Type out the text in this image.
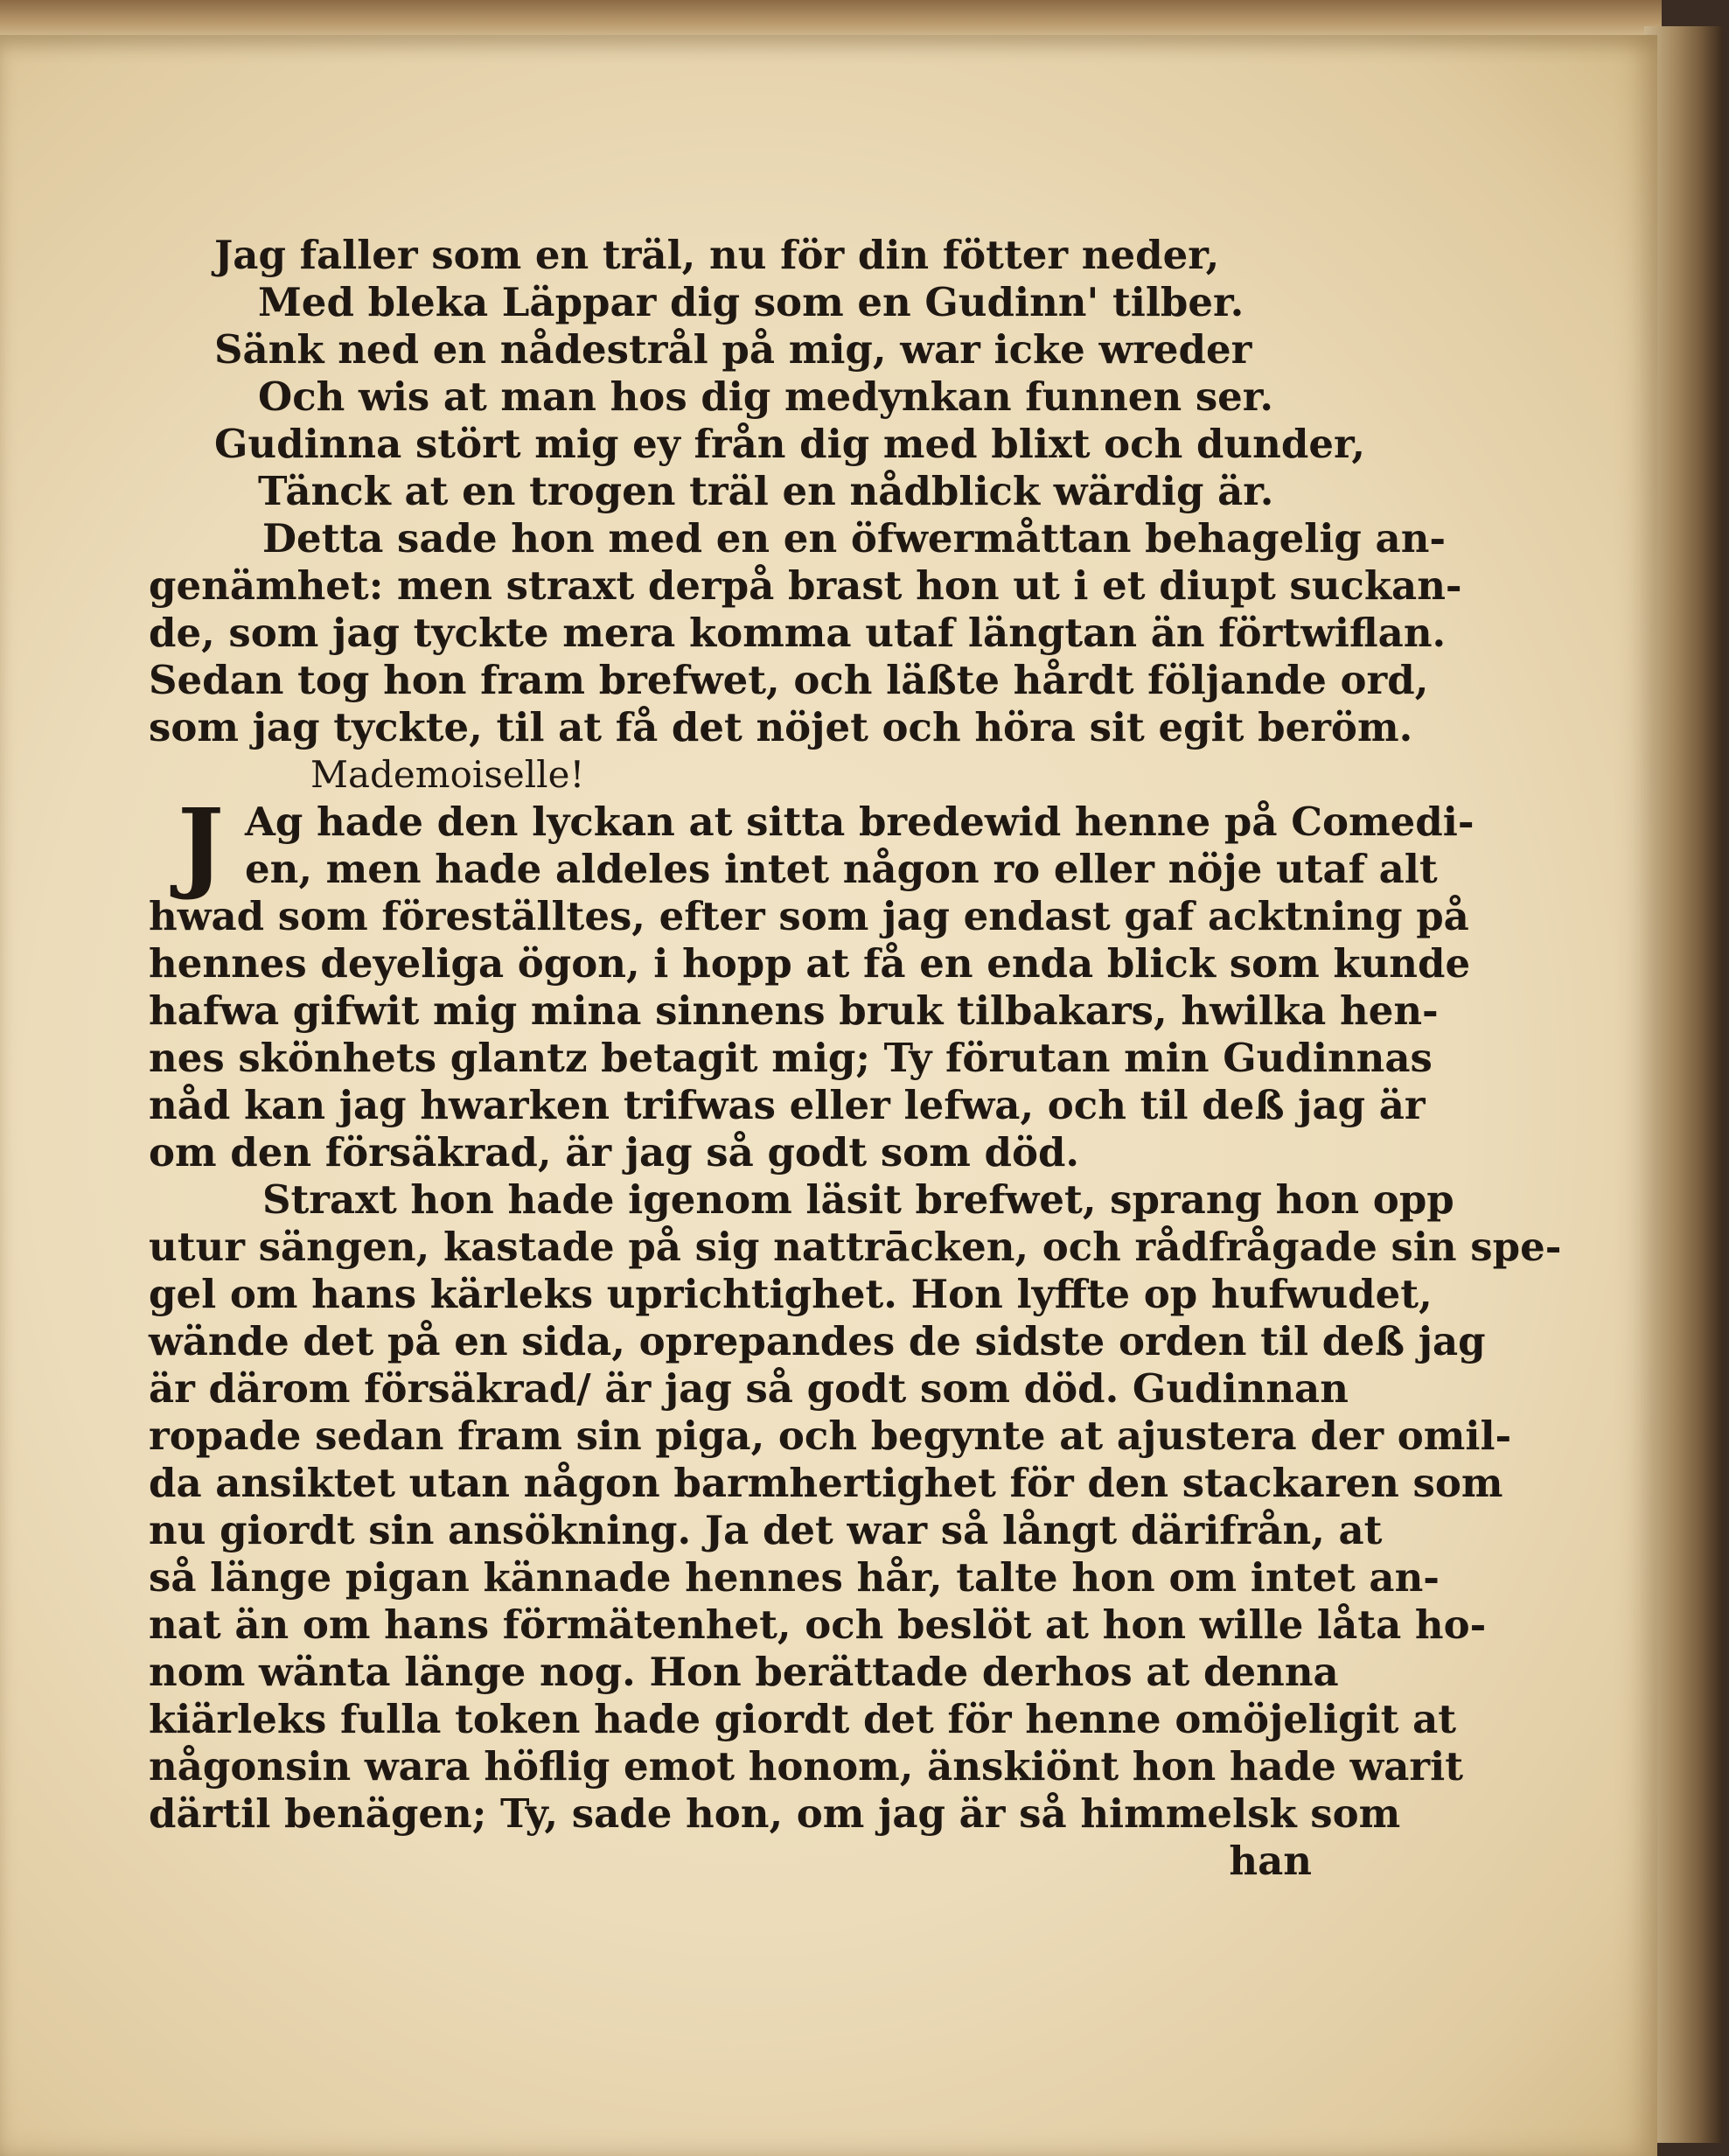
Jag faller som en träl, nu för din fötter neder,
Med bleka Läppar dig som en Gudinn' tilber.
Sänk ned en nådestrål på mig, war icke wreder
Och wis at man hos dig medynkan funnen ser.
Gudinna stört mig ey från dig med blixt och dunder,
Tänck at en trogen träl en nådblick wärdig är.
Detta sade hon med en en öfwermåttan behagelig an-
genämhet: men straxt derpå brast hon ut i et diupt suckan-
de, som jag tyckte mera komma utaf längtan än förtwiflan.
Sedan tog hon fram brefwet, och läßte hårdt följande ord,
som jag tyckte, til at få det nöjet och höra sit egit beröm.
Mademoiselle!
J Ag hade den lyckan at sitta bredewid henne på Comedi-
en, men hade aldeles intet någon ro eller nöje utaf alt
hwad som föreställtes, efter som jag endast gaf acktning på
hennes deyeliga ögon, i hopp at få en enda blick som kunde
hafwa gifwit mig mina sinnens bruk tilbakars, hwilka hen-
nes skönhets glantz betagit mig; Ty förutan min Gudinnas
nåd kan jag hwarken trifwas eller lefwa, och til deß jag är
om den försäkrad, är jag så godt som död.
Straxt hon hade igenom läsit brefwet, sprang hon opp
utur sängen, kastade på sig nattrācken, och rådfrågade sin spe-
gel om hans kärleks uprichtighet. Hon lyffte op hufwudet,
wände det på en sida, oprepandes de sidste orden til deß jag
är därom försäkrad/ är jag så godt som död. Gudinnan
ropade sedan fram sin piga, och begynte at ajustera der omil-
da ansiktet utan någon barmhertighet för den stackaren som
nu giordt sin ansökning. Ja det war så långt därifrån, at
så länge pigan kännade hennes hår, talte hon om intet an-
nat än om hans förmätenhet, och beslöt at hon wille låta ho-
nom wänta länge nog. Hon berättade derhos at denna
kiärleks fulla token hade giordt det för henne omöjeligit at
någonsin wara höflig emot honom, änskiönt hon hade warit
därtil benägen; Ty, sade hon, om jag är så himmelsk som
han
